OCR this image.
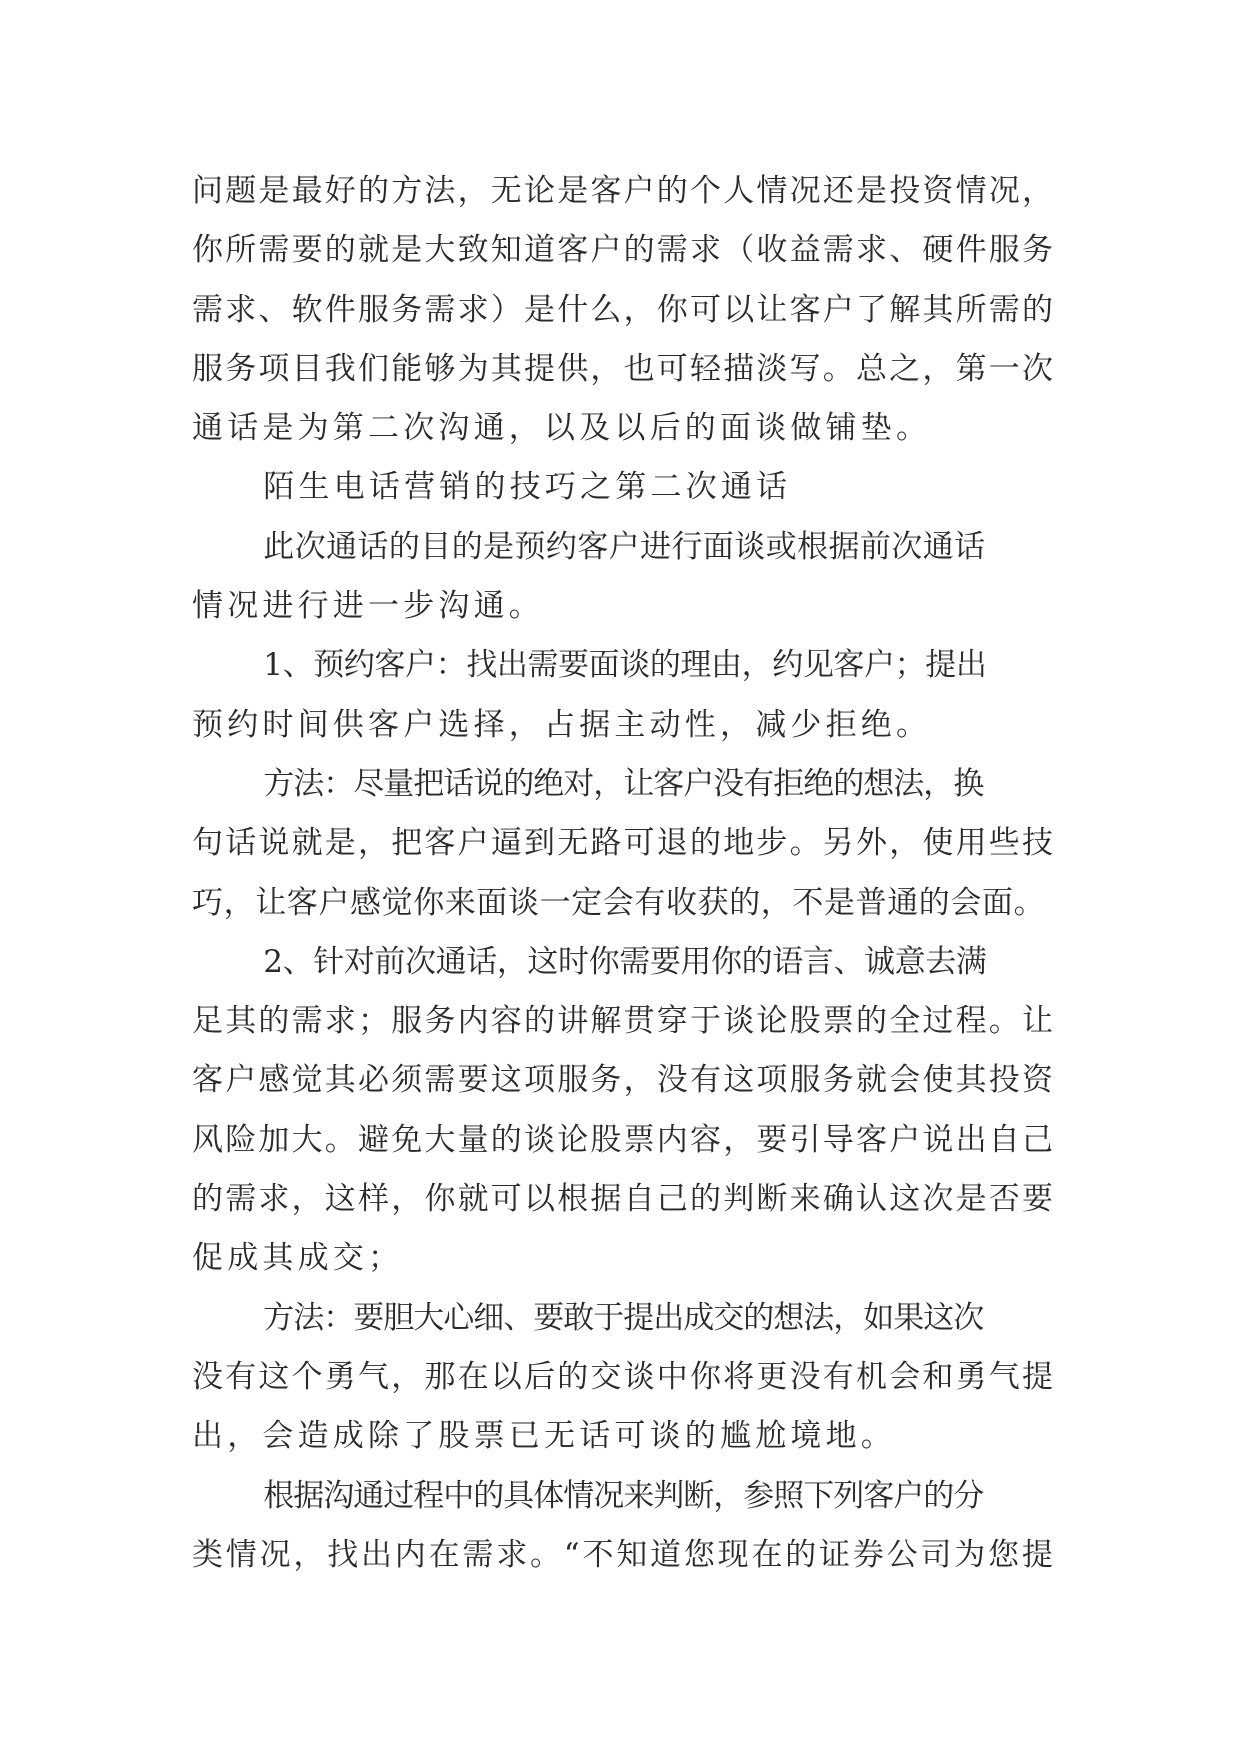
问题是最好的方法，无论是客户的个人情况还是投资情况，
你所需要的就是大致知道客户的需求（收益需求、硬件服务
需求、软件服务需求）是什么，你可以让客户了解其所需的
服务项目我们能够为其提供，也可轻描淡写。总之，第一次
通话是为第二次沟通，以及以后的面谈做铺垫。

陌生电话营销的技巧之第二次通话

此次通话的目的是预约客户进行面谈或根据前次通话
情况进行进一步沟通。

1、预约客户：找出需要面谈的理由，约见客户；提出
预约时间供客户选择，占据主动性，减少拒绝。

方法：尽量把话说的绝对，让客户没有拒绝的想法，换
句话说就是，把客户逼到无路可退的地步。另外，使用些技
巧，让客户感觉你来面谈一定会有收获的，不是普通的会面。

2、针对前次通话，这时你需要用你的语言、诚意去满
足其的需求；服务内容的讲解贯穿于谈论股票的全过程。让
客户感觉其必须需要这项服务，没有这项服务就会使其投资
风险加大。避免大量的谈论股票内容，要引导客户说出自己
的需求，这样，你就可以根据自己的判断来确认这次是否要
促成其成交；

方法：要胆大心细、要敢于提出成交的想法，如果这次
没有这个勇气，那在以后的交谈中你将更没有机会和勇气提
出，会造成除了股票已无话可谈的尴尬境地。

根据沟通过程中的具体情况来判断，参照下列客户的分
类情况，找出内在需求。“不知道您现在的证券公司为您提
